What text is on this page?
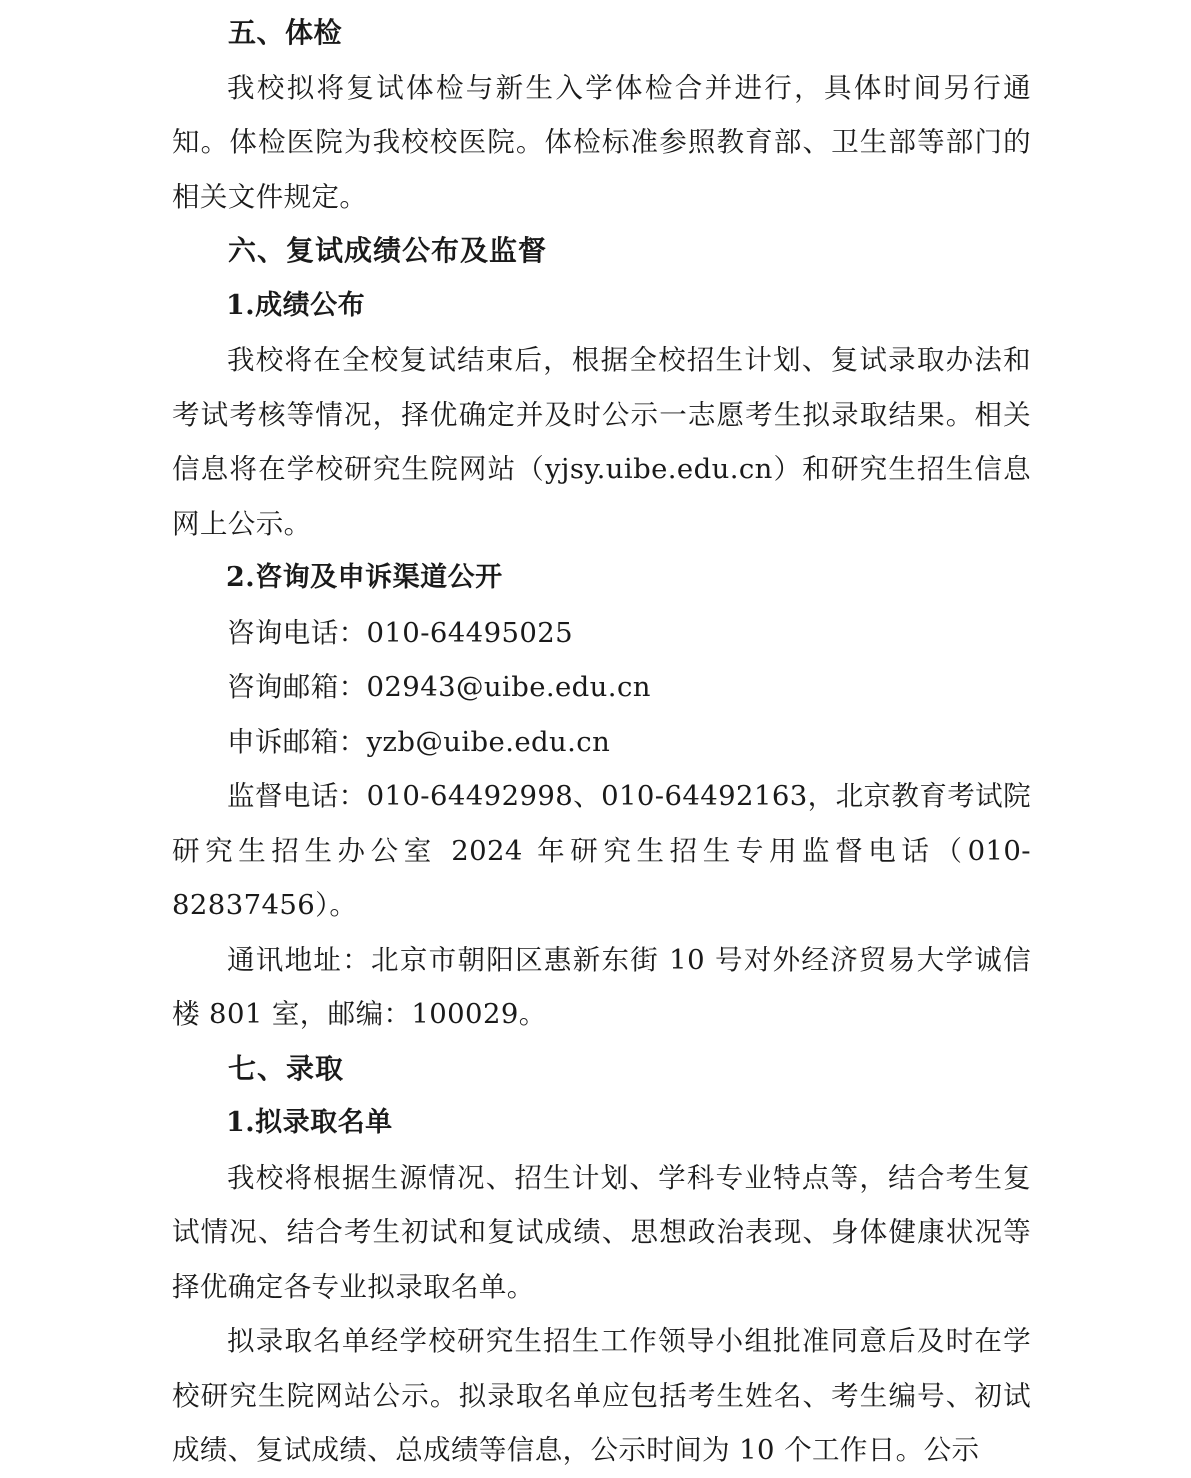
五、体检

我校拟将复试体检与新生入学体检合并进行，具体时间另行通知。体检医院为我校校医院。体检标准参照教育部、卫生部等部门的相关文件规定。

六、复试成绩公布及监督
1.成绩公布

我校将在全校复试结束后，根据全校招生计划、复试录取办法和考试考核等情况，择优确定并及时公示一志愿考生拟录取结果。相关信息将在学校研究生院网站（yjsy.uibe.edu.cn）和研究生招生信息网上公示。

2.咨询及申诉渠道公开

咨询电话：010-64495025

咨询邮箱：02943@uibe.edu.cn

申诉邮箱：yzb@uibe.edu.cn

监督电话：010-64492998、010-64492163，北京教育考试院研究生招生办公室 2024 年研究生招生专用监督电话（010-82837456）。

通讯地址：北京市朝阳区惠新东街 10 号对外经济贸易大学诚信楼 801 室，邮编：100029。

七、录取
1.拟录取名单

我校将根据生源情况、招生计划、学科专业特点等，结合考生复试情况、结合考生初试和复试成绩、思想政治表现、身体健康状况等择优确定各专业拟录取名单。

拟录取名单经学校研究生招生工作领导小组批准同意后及时在学校研究生院网站公示。拟录取名单应包括考生姓名、考生编号、初试成绩、复试成绩、总成绩等信息，公示时间为 10 个工作日。公示
